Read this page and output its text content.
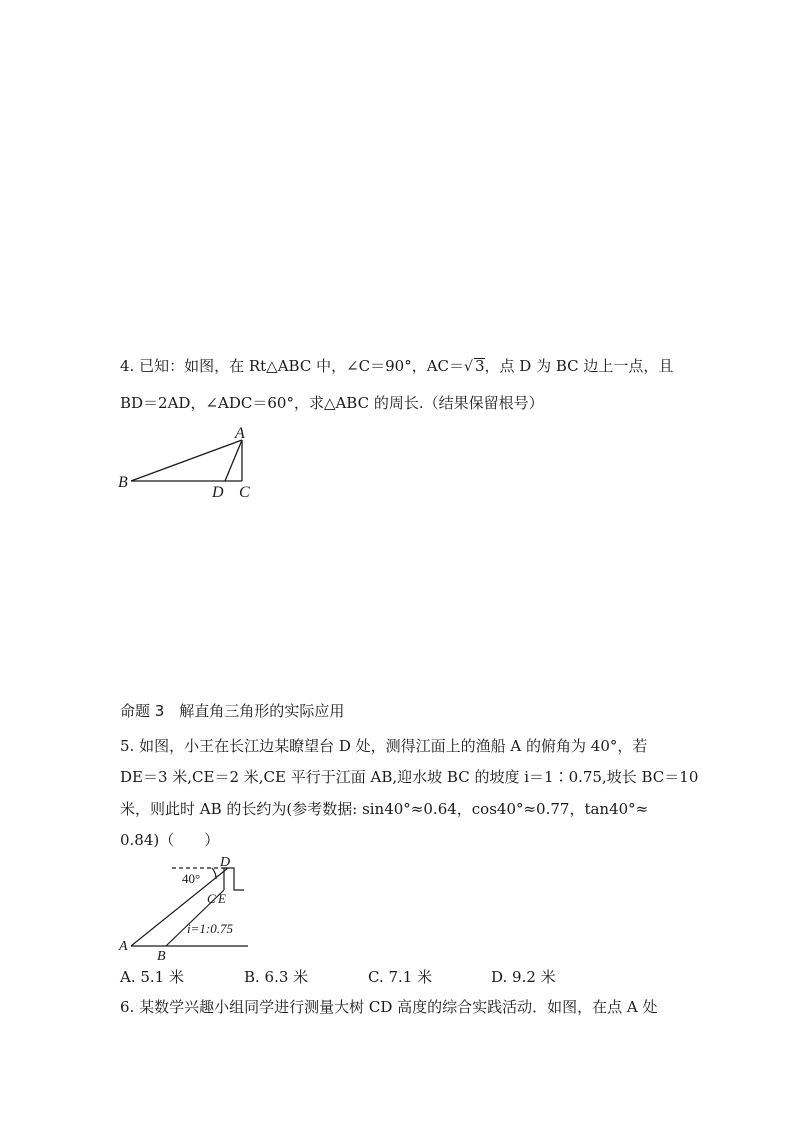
4. 已知：如图，在 Rt△ABC 中，∠C＝90°，AC＝√ 3，点 D 为 BC 边上一点，且
BD＝2AD，∠ADC＝60°，求△ABC 的周长.（结果保留根号）
A
B
D C
命题 3　解直角三角形的实际应用
5. 如图，小王在长江边某瞭望台 D 处，测得江面上的渔船 A 的俯角为 40°，若
DE＝3 米,CE＝2 米,CE 平行于江面 AB,迎水坡 BC 的坡度 i＝1∶0.75,坡长 BC＝10
米，则此时 AB 的长约为(参考数据: sin40°≈0.64，cos40°≈0.77，tan40°≈
0.84)（　　）
D
40°
C E
i=1:0.75
A
B
A. 5.1 米	B. 6.3 米	C. 7.1 米	D. 9.2 米
6. 某数学兴趣小组同学进行测量大树 CD 高度的综合实践活动．如图，在点 A 处
